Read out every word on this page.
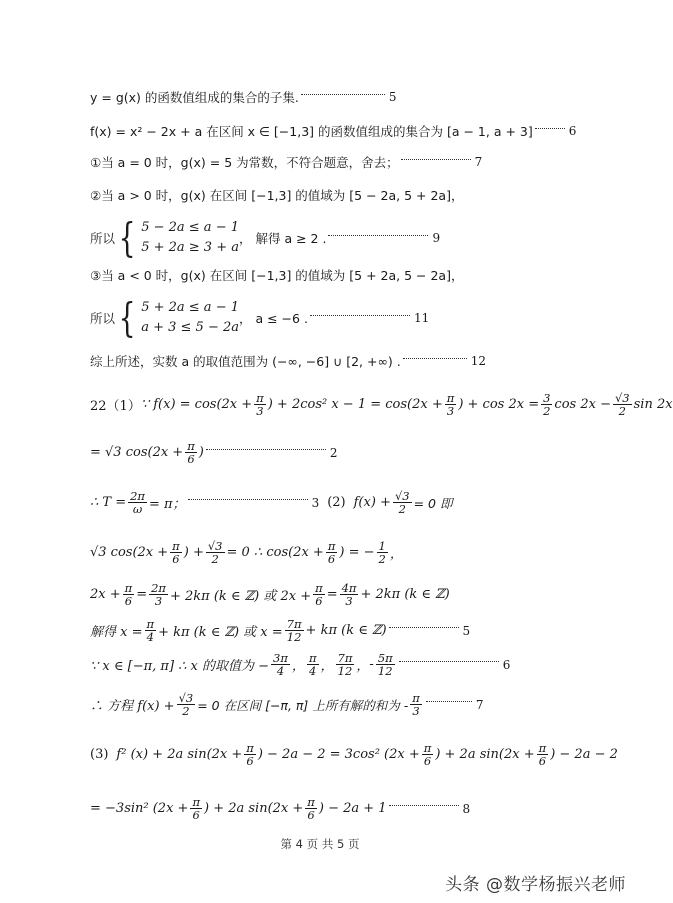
y = g(x) 的函数值组成的集合的子集.	5
f(x) = x² − 2x + a 在区间 x ∈ [−1,3] 的函数值组成的集合为 [a − 1, a + 3]	6
①当 a = 0 时，g(x) = 5 为常数，不符合题意，舍去；	7
②当 a > 0 时，g(x) 在区间 [−1,3] 的值域为 [5 − 2a, 5 + 2a]，
所以 { 5 − 2a ≤ a − 1
5 + 2a ≥ 3 + a
， 解得 a ≥ 2 .	9
③当 a < 0 时，g(x) 在区间 [−1,3] 的值域为 [5 + 2a, 5 − 2a]，
所以 { 5 + 2a ≤ a − 1
a + 3 ≤ 5 − 2a
， a ≤ −6 .	11
综上所述，实数 a 的取值范围为 (−∞, −6] ∪ [2, +∞) .	12
22（1） ∵ $f(x) = \cos(2x + \frac{\pi}{3}$ ) + 2cos² $x - 1 = \cos(2x + \frac{\pi}{3}$ ) + $\cos 2x = \frac{3}{2}$ $\cos 2x - \frac{√3}{2}$ sin 2x
= √3 $\cos(2x + \frac{\pi}{6}$ )	2
∴ $T = \frac{2\pi}{\omega} = \pi$；	3 (2) $f(x) + \frac{√3}{2} = 0$ 即
√3 $\cos(2x + \frac{\pi}{6}$ ) + $\frac{√3}{2} = 0$ ∴ $\cos(2x + \frac{\pi}{6}$ ) = − $\frac{1}{2}$ ，
$2x + \frac{\pi}{6} = \frac{2\pi}{3} + 2k\pi$ (k ∈ ℤ) 或 $2x + \frac{\pi}{6} = \frac{4\pi}{3} + 2k\pi$ (k ∈ ℤ)
解得 $x = \frac{\pi}{4} + k\pi$ (k ∈ ℤ) 或 $x = \frac{7\pi}{12} + k\pi$ (k ∈ ℤ)	5
∵ x ∈ [−π, π] ∴ x 的取值为 − $\frac{3\pi}{4}$ ， $\frac{\pi}{4}$ ， $\frac{7\pi}{12}$ ， - $\frac{5\pi}{12}$	6
∴ 方程 $f(x) + \frac{√3}{2} = 0$ 在区间 [−π, π] 上所有解的和为 - $\frac{\pi}{3}$	7
(3) f² (x) + 2a $\sin(2x + \frac{\pi}{6}$ ) − 2a − 2 = 3cos² ($2x + \frac{\pi}{6}$ ) + 2a $\sin(2x + \frac{\pi}{6}$ ) − 2a − 2
= −3sin² ($2x + \frac{\pi}{6}$ ) + 2a $\sin(2x + \frac{\pi}{6}$ ) − 2a + 1	8
第 4 页 共 5 页
头条 @数学杨振兴老师
